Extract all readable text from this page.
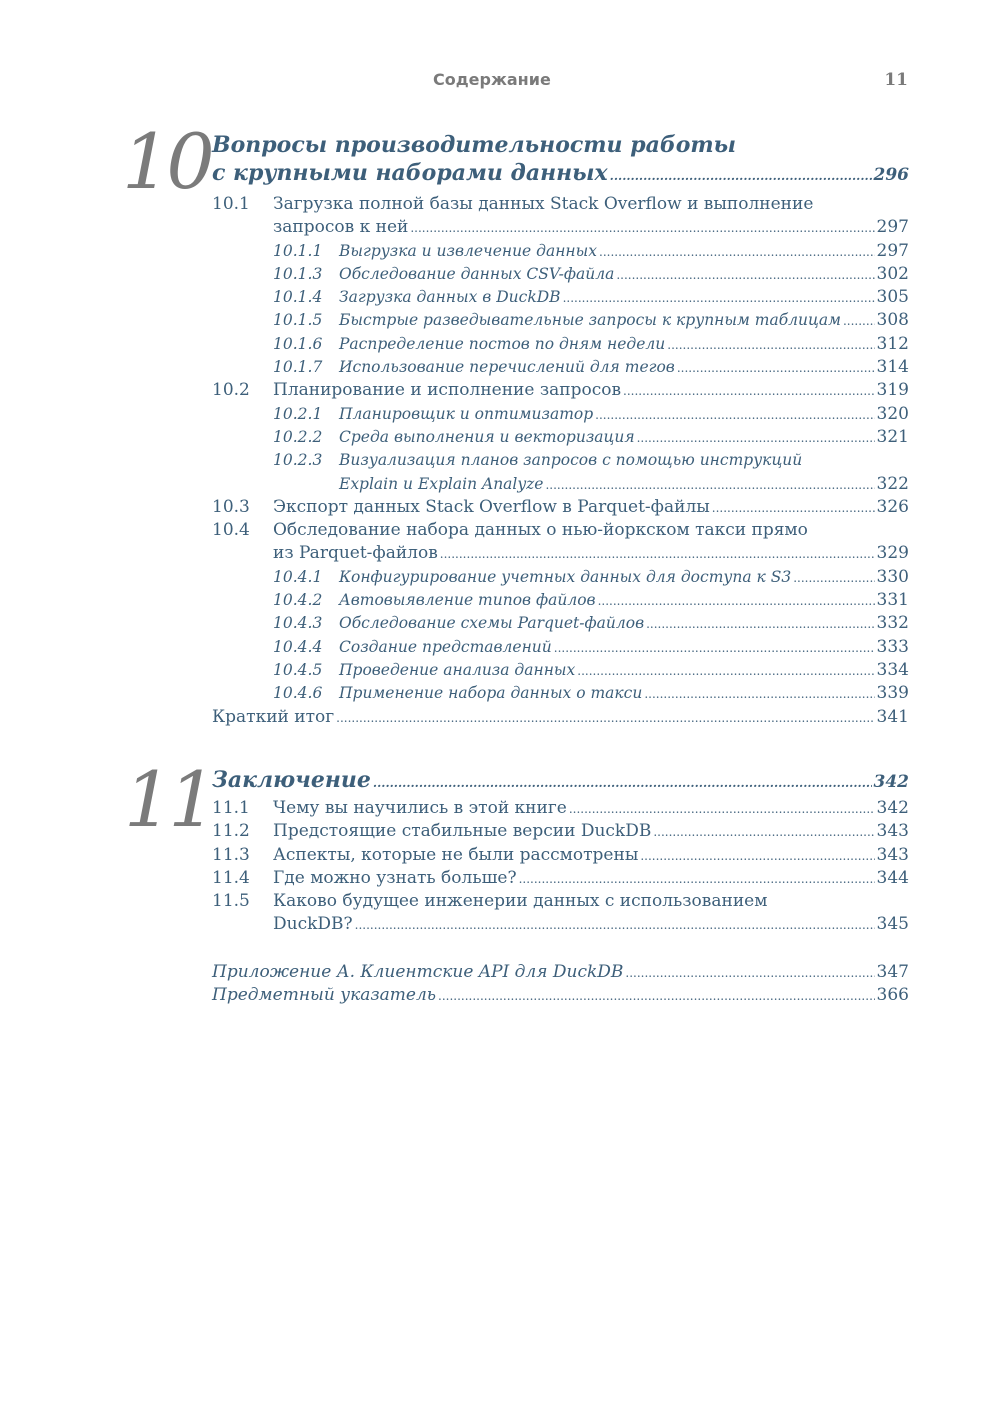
Содержание	11
10 Вопросы производительности работы
с крупными наборами данных .....	296
10.1	Загрузка полной базы данных Stack Overflow и выполнение
запросов к ней .....	297
10.1.1	Выгрузка и извлечение данных .....	297
10.1.3	Обследование данных CSV-файла .....	302
10.1.4	Загрузка данных в DuckDB .....	305
10.1.5	Быстрые разведывательные запросы к крупным таблицам ..... 308
10.1.6	Распределение постов по дням недели .....	312
10.1.7	Использование перечислений для тегов .....	314
10.2	Планирование и исполнение запросов .....	319
10.2.1	Планировщик и оптимизатор .....	320
10.2.2	Среда выполнения и векторизация .....	321
10.2.3	Визуализация планов запросов с помощью инструкций
Explain и Explain Analyze .....	322
10.3	Экспорт данных Stack Overflow в Parquet-файлы .....	326
10.4	Обследование набора данных о нью-йоркском такси прямо
из Parquet-файлов .....	329
10.4.1	Конфигурирование учетных данных для доступа к S3 .....	330
10.4.2	Автовыявление типов файлов .....	331
10.4.3	Обследование схемы Parquet-файлов .....	332
10.4.4	Создание представлений .....	333
10.4.5	Проведение анализа данных .....	334
10.4.6	Применение набора данных о такси .....	339
Краткий итог .....	341
11 Заключение .....	342
11.1	Чему вы научились в этой книге .....	342
11.2	Предстоящие стабильные версии DuckDB .....	343
11.3	Аспекты, которые не были рассмотрены .....	343
11.4	Где можно узнать больше? .....	344
11.5	Каково будущее инженерии данных с использованием
DuckDB? .....	345
Приложение А. Клиентские API для DuckDB .....	347
Предметный указатель .....	366
